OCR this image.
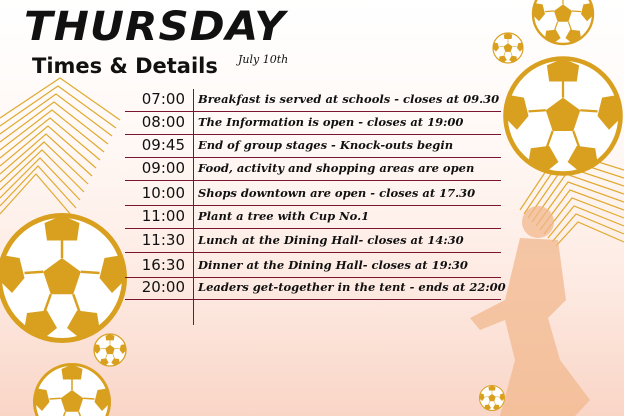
THURSDAY
Times & Details July 10th
07:00 Breakfast is served at schools - closes at 09.30
08:00 The Information is open - closes at 19:00
09:45 End of group stages - Knock-outs begin
09:00 Food, activity and shopping areas are open
10:00 Shops downtown are open - closes at 17.30
11:00 Plant a tree with Cup No.1
11:30 Lunch at the Dining Hall- closes at 14:30
16:30 Dinner at the Dining Hall- closes at 19:30
20:00 Leaders get-together in the tent - ends at 22:00
